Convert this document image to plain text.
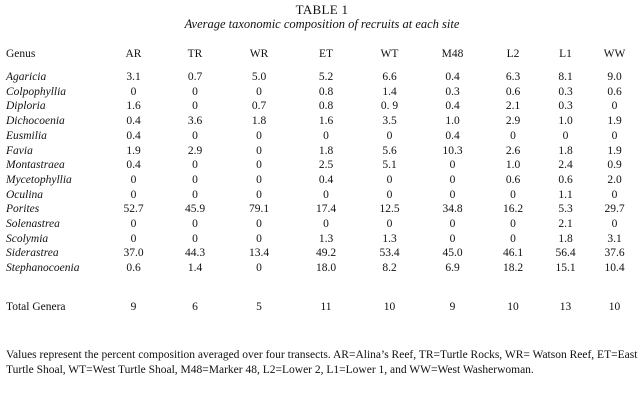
TABLE 1
Average taxonomic composition of recruits at each site
Genus	AR	TR	WR	ET	WT	M48	L2	L1	WW
Agaricia	3.1	0.7	5.0	5.2	6.6	0.4	6.3	8.1	9.0
Colpophyllia	0	0	0	0.8	1.4	0.3	0.6	0.3	0.6
Diploria	1.6	0	0.7	0.8	0. 9	0.4	2.1	0.3	0
Dichocoenia	0.4	3.6	1.8	1.6	3.5	1.0	2.9	1.0	1.9
Eusmilia	0.4	0	0	0	0	0.4	0	0	0
Favia	1.9	2.9	0	1.8	5.6	10.3	2.6	1.8	1.9
Montastraea	0.4	0	0	2.5	5.1	0	1.0	2.4	0.9
Mycetophyllia	0	0	0	0.4	0	0	0.6	0.6	2.0
Oculina	0	0	0	0	0	0	0	1.1	0
Porites	52.7	45.9	79.1	17.4	12.5	34.8	16.2	5.3	29.7
Solenastrea	0	0	0	0	0	0	0	2.1	0
Scolymia	0	0	0	1.3	1.3	0	0	1.8	3.1
Siderastrea	37.0	44.3	13.4	49.2	53.4	45.0	46.1	56.4	37.6
Stephanocoenia	0.6	1.4	0	18.0	8.2	6.9	18.2	15.1	10.4

Total Genera	9	6	5	11	10	9	10	13	10
Values represent the percent composition averaged over four transects. AR=Alina’s Reef, TR=Turtle Rocks, WR= Watson Reef, ET=East Turtle Shoal, WT=West Turtle Shoal, M48=Marker 48, L2=Lower 2, L1=Lower 1, and WW=West Washerwoman.
